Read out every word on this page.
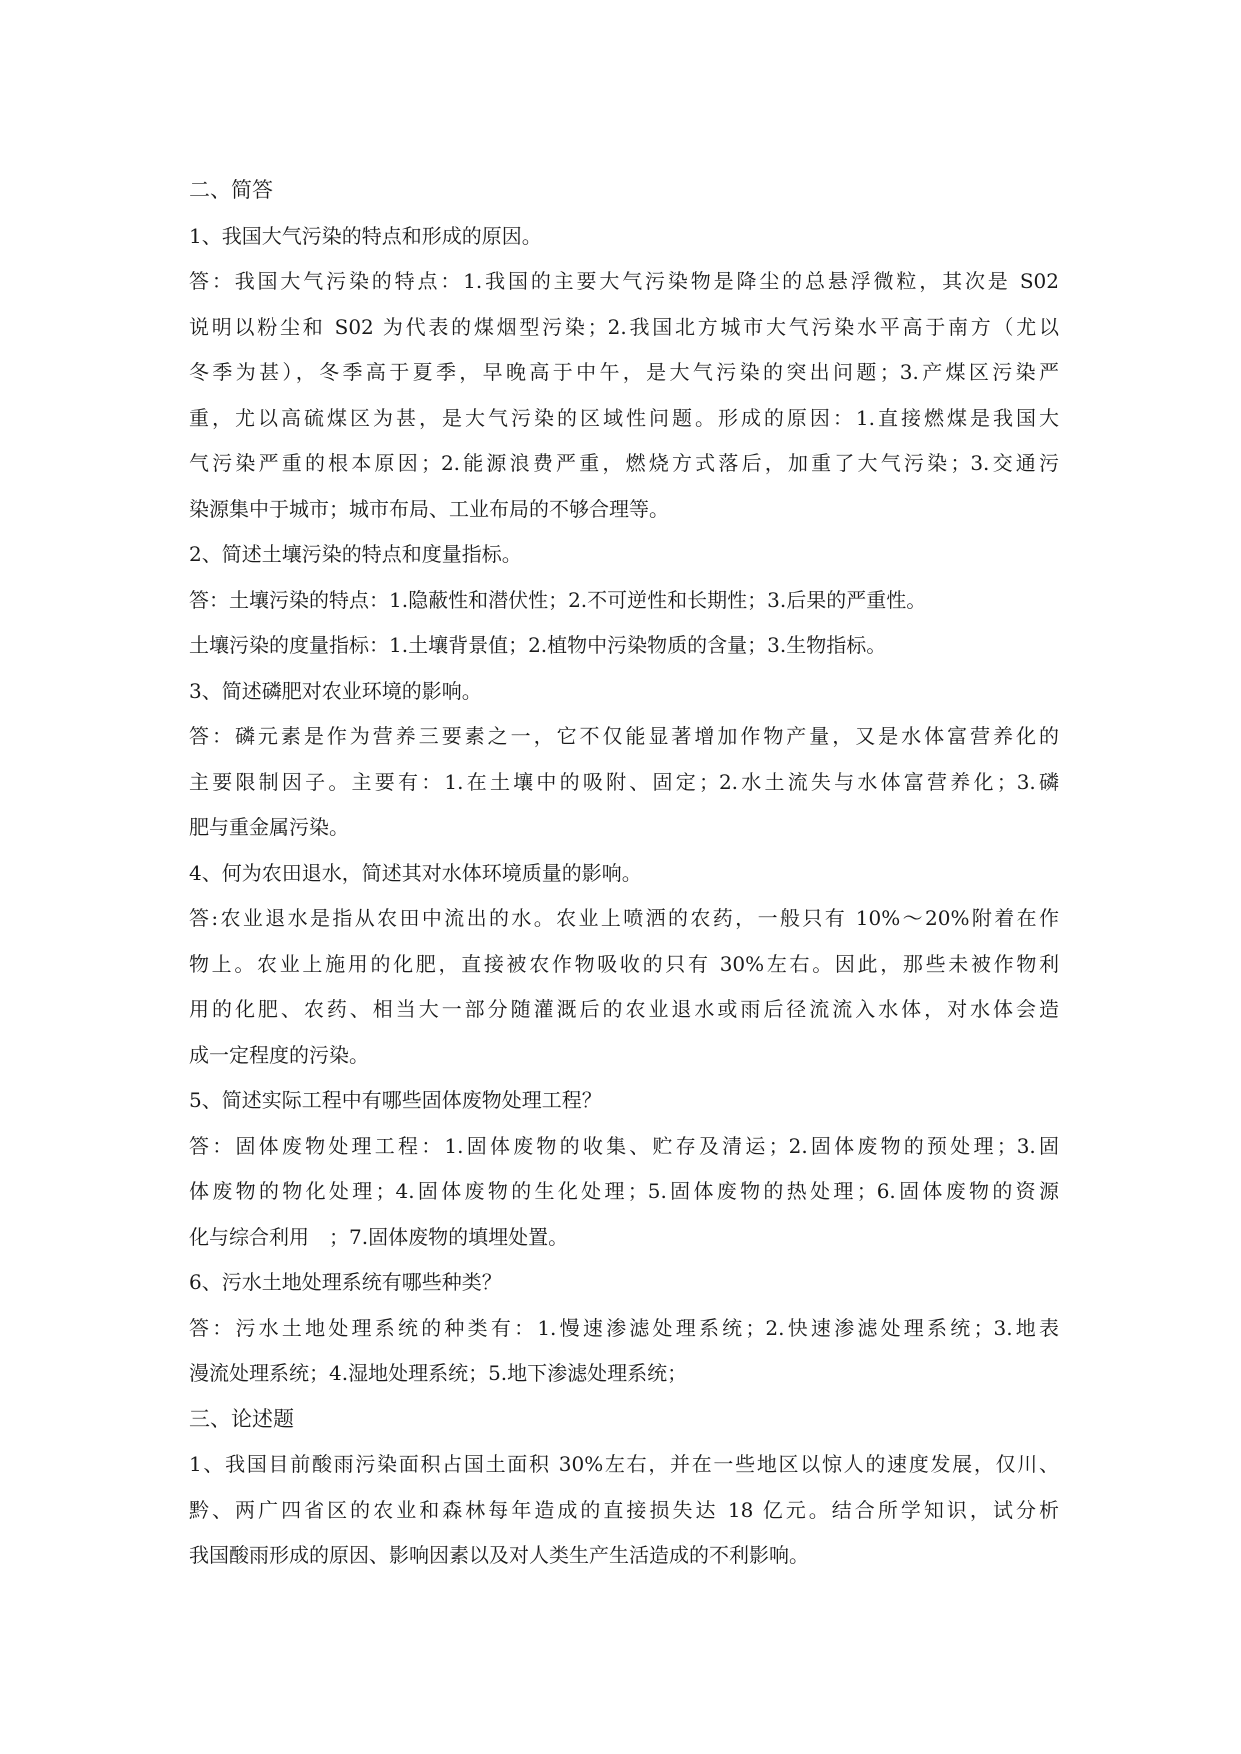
二、简答
1、我国大气污染的特点和形成的原因。
答：我国大气污染的特点：1.我国的主要大气污染物是降尘的总悬浮微粒，其次是 S02
说明以粉尘和 S02 为代表的煤烟型污染；2.我国北方城市大气污染水平高于南方（尤以
冬季为甚），冬季高于夏季，早晚高于中午，是大气污染的突出问题；3.产煤区污染严
重，尤以高硫煤区为甚，是大气污染的区域性问题。形成的原因：1.直接燃煤是我国大
气污染严重的根本原因；2.能源浪费严重，燃烧方式落后，加重了大气污染；3.交通污
染源集中于城市；城市布局、工业布局的不够合理等。
2、简述土壤污染的特点和度量指标。
答：土壤污染的特点：1.隐蔽性和潜伏性；2.不可逆性和长期性；3.后果的严重性。
土壤污染的度量指标：1.土壤背景值；2.植物中污染物质的含量；3.生物指标。
3、简述磷肥对农业环境的影响。
答：磷元素是作为营养三要素之一，它不仅能显著增加作物产量，又是水体富营养化的
主要限制因子。主要有：1.在土壤中的吸附、固定；2.水土流失与水体富营养化；3.磷
肥与重金属污染。
4、何为农田退水，简述其对水体环境质量的影响。
答:农业退水是指从农田中流出的水。农业上喷洒的农药，一般只有 10%～20%附着在作
物上。农业上施用的化肥，直接被农作物吸收的只有 30%左右。因此，那些未被作物利
用的化肥、农药、相当大一部分随灌溉后的农业退水或雨后径流流入水体，对水体会造
成一定程度的污染。
5、简述实际工程中有哪些固体废物处理工程？
答：固体废物处理工程：1.固体废物的收集、贮存及清运；2.固体废物的预处理；3.固
体废物的物化处理；4.固体废物的生化处理；5.固体废物的热处理；6.固体废物的资源
化与综合利用　；7.固体废物的填埋处置。
6、污水土地处理系统有哪些种类？
答：污水土地处理系统的种类有：1.慢速渗滤处理系统；2.快速渗滤处理系统；3.地表
漫流处理系统；4.湿地处理系统；5.地下渗滤处理系统；
三、论述题
1、我国目前酸雨污染面积占国土面积 30%左右，并在一些地区以惊人的速度发展，仅川、
黔、两广四省区的农业和森林每年造成的直接损失达 18 亿元。结合所学知识，试分析
我国酸雨形成的原因、影响因素以及对人类生产生活造成的不利影响。
